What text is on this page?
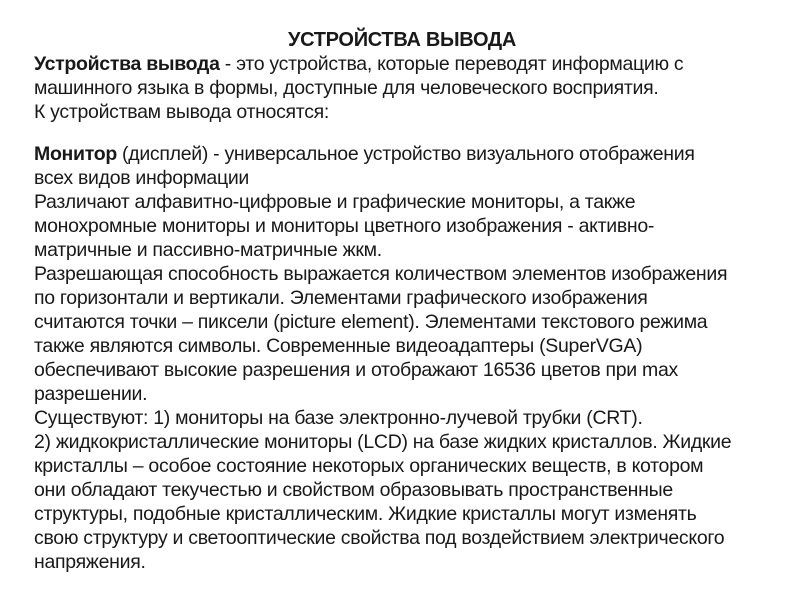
УСТРОЙСТВА ВЫВОДА
Устройства вывода - это устройства, которые переводят информацию с
машинного языка в формы, доступные для человеческого восприятия.
К устройствам вывода относятся:
Монитор (дисплей) - универсальное устройство визуального отображения
всех видов информации
Различают алфавитно-цифровые и графические мониторы, а также
монохромные мониторы и мониторы цветного изображения - активно-
матричные и пассивно-матричные жкм.
Разрешающая способность выражается количеством элементов изображения
по горизонтали и вертикали. Элементами графического изображения
считаются точки – пиксели (picture element). Элементами текстового режима
также являются символы. Современные видеоадаптеры (SuperVGA)
обеспечивают высокие разрешения и отображают 16536 цветов при max
разрешении.
Существуют: 1) мониторы на базе электронно-лучевой трубки (CRT).
2) жидкокристаллические мониторы (LCD) на базе жидких кристаллов. Жидкие
кристаллы – особое состояние некоторых органических веществ, в котором
они обладают текучестью и свойством образовывать пространственные
структуры, подобные кристаллическим. Жидкие кристаллы могут изменять
свою структуру и светооптические свойства под воздействием электрического
напряжения.
